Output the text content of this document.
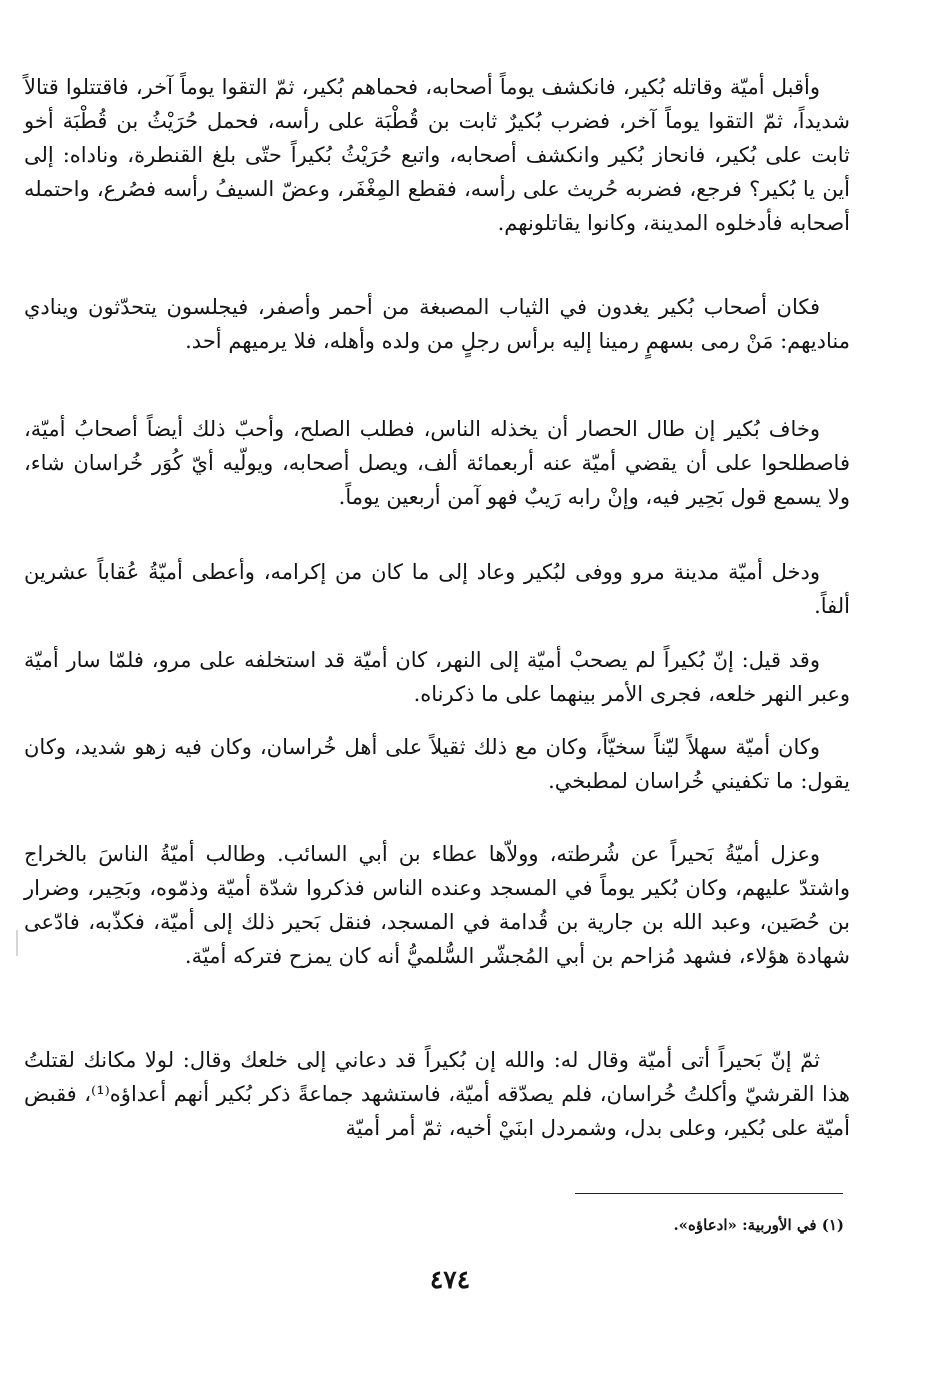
وأقبل أميّة وقاتله بُكير، فانكشف يوماً أصحابه، فحماهم بُكير، ثمّ التقوا يوماً آخر، فاقتتلوا قتالاً شديداً، ثمّ التقوا يوماً آخر، فضرب بُكيرٌ ثابت بن قُطْبَة على رأسه، فحمل حُرَيْثُ بن قُطْبَة أخو ثابت على بُكير، فانحاز بُكير وانكشف أصحابه، واتبع حُرَيْثُ بُكيراً حتّى بلغ القنطرة، وناداه: إلى أين يا بُكير؟ فرجع، فضربه حُريث على رأسه، فقطع المِغْفَر، وعضّ السيفُ رأسه فصُرع، واحتمله أصحابه فأدخلوه المدينة، وكانوا يقاتلونهم.

فكان أصحاب بُكير يغدون في الثياب المصبغة من أحمر وأصفر، فيجلسون يتحدّثون وينادي مناديهم: مَنْ رمى بسهمٍ رمينا إليه برأس رجلٍ من ولده وأهله، فلا يرميهم أحد.

وخاف بُكير إن طال الحصار أن يخذله الناس، فطلب الصلح، وأحبّ ذلك أيضاً أصحابُ أميّة، فاصطلحوا على أن يقضي أميّة عنه أربعمائة ألف، ويصل أصحابه، ويولّيه أيّ كُوَر خُراسان شاء، ولا يسمع قول بَحِير فيه، وإنْ رابه رَيبٌ فهو آمن أربعين يوماً.

ودخل أميّة مدينة مرو ووفى لبُكير وعاد إلى ما كان من إكرامه، وأعطى أميّةُ عُقاباً عشرين ألفاً.

وقد قيل: إنّ بُكيراً لم يصحبْ أميّة إلى النهر، كان أميّة قد استخلفه على مرو، فلمّا سار أميّة وعبر النهر خلعه، فجرى الأمر بينهما على ما ذكرناه.

وكان أميّة سهلاً ليّناً سخيّاً، وكان مع ذلك ثقيلاً على أهل خُراسان، وكان فيه زهو شديد، وكان يقول: ما تكفيني خُراسان لمطبخي.

وعزل أميّةُ بَحيراً عن شُرطته، وولاّها عطاء بن أبي السائب. وطالب أميّةُ الناسَ بالخراج واشتدّ عليهم، وكان بُكير يوماً في المسجد وعنده الناس فذكروا شدّة أميّة وذمّوه، وبَحِير، وضرار بن حُصَين، وعبد الله بن جارية بن قُدامة في المسجد، فنقل بَحير ذلك إلى أميّة، فكذّبه، فادّعى شهادة هؤلاء، فشهد مُزاحم بن أبي المُجشّر السُّلميُّ أنه كان يمزح فتركه أميّة.

ثمّ إنّ بَحيراً أتى أميّة وقال له: والله إن بُكيراً قد دعاني إلى خلعك وقال: لولا مكانك لقتلتُ هذا القرشيّ وأكلتُ خُراسان، فلم يصدّقه أميّة، فاستشهد جماعةً ذكر بُكير أنهم أعداؤه⁽¹⁾، فقبض أميّة على بُكير، وعلى بدل، وشمردل ابنَيْ أخيه، ثمّ أمر أميّة

(١) في الأوربية: «ادعاؤه».
٤٧٤
